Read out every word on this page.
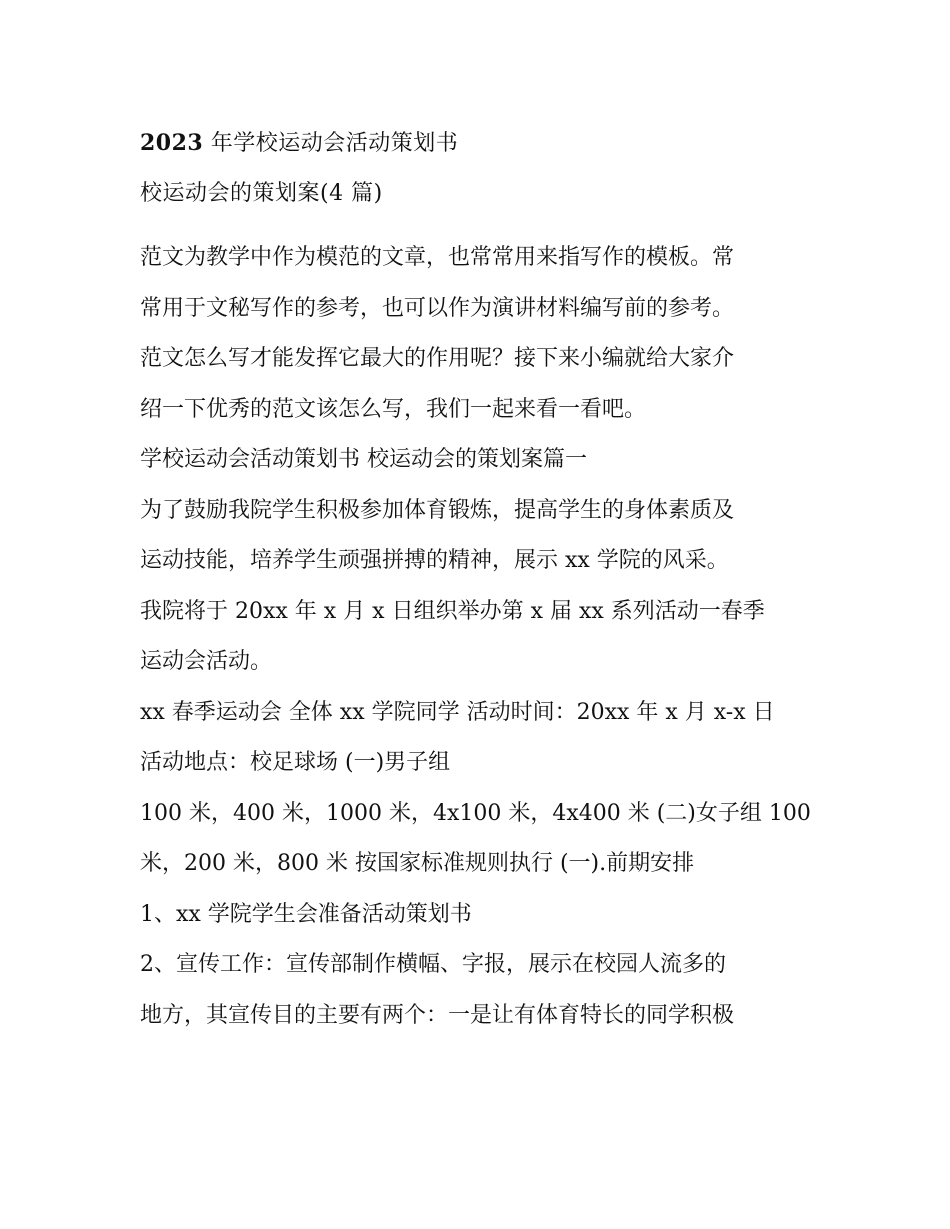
2023 年学校运动会活动策划书
校运动会的策划案(4 篇)
范文为教学中作为模范的文章，也常常用来指写作的模板。常
常用于文秘写作的参考，也可以作为演讲材料编写前的参考。
范文怎么写才能发挥它最大的作用呢？接下来小编就给大家介
绍一下优秀的范文该怎么写，我们一起来看一看吧。
学校运动会活动策划书 校运动会的策划案篇一
为了鼓励我院学生积极参加体育锻炼，提高学生的身体素质及
运动技能，培养学生顽强拼搏的精神，展示 xx 学院的风采。
我院将于 20xx 年 x 月 x 日组织举办第 x 届 xx 系列活动一春季
运动会活动。
xx 春季运动会 全体 xx 学院同学 活动时间：20xx 年 x 月 x-x 日
活动地点：校足球场 (一)男子组
100 米，400 米，1000 米，4x100 米，4x400 米 (二)女子组 100
米，200 米，800 米 按国家标准规则执行 (一).前期安排
1、xx 学院学生会准备活动策划书
2、宣传工作：宣传部制作横幅、字报，展示在校园人流多的
地方，其宣传目的主要有两个：一是让有体育特长的同学积极
